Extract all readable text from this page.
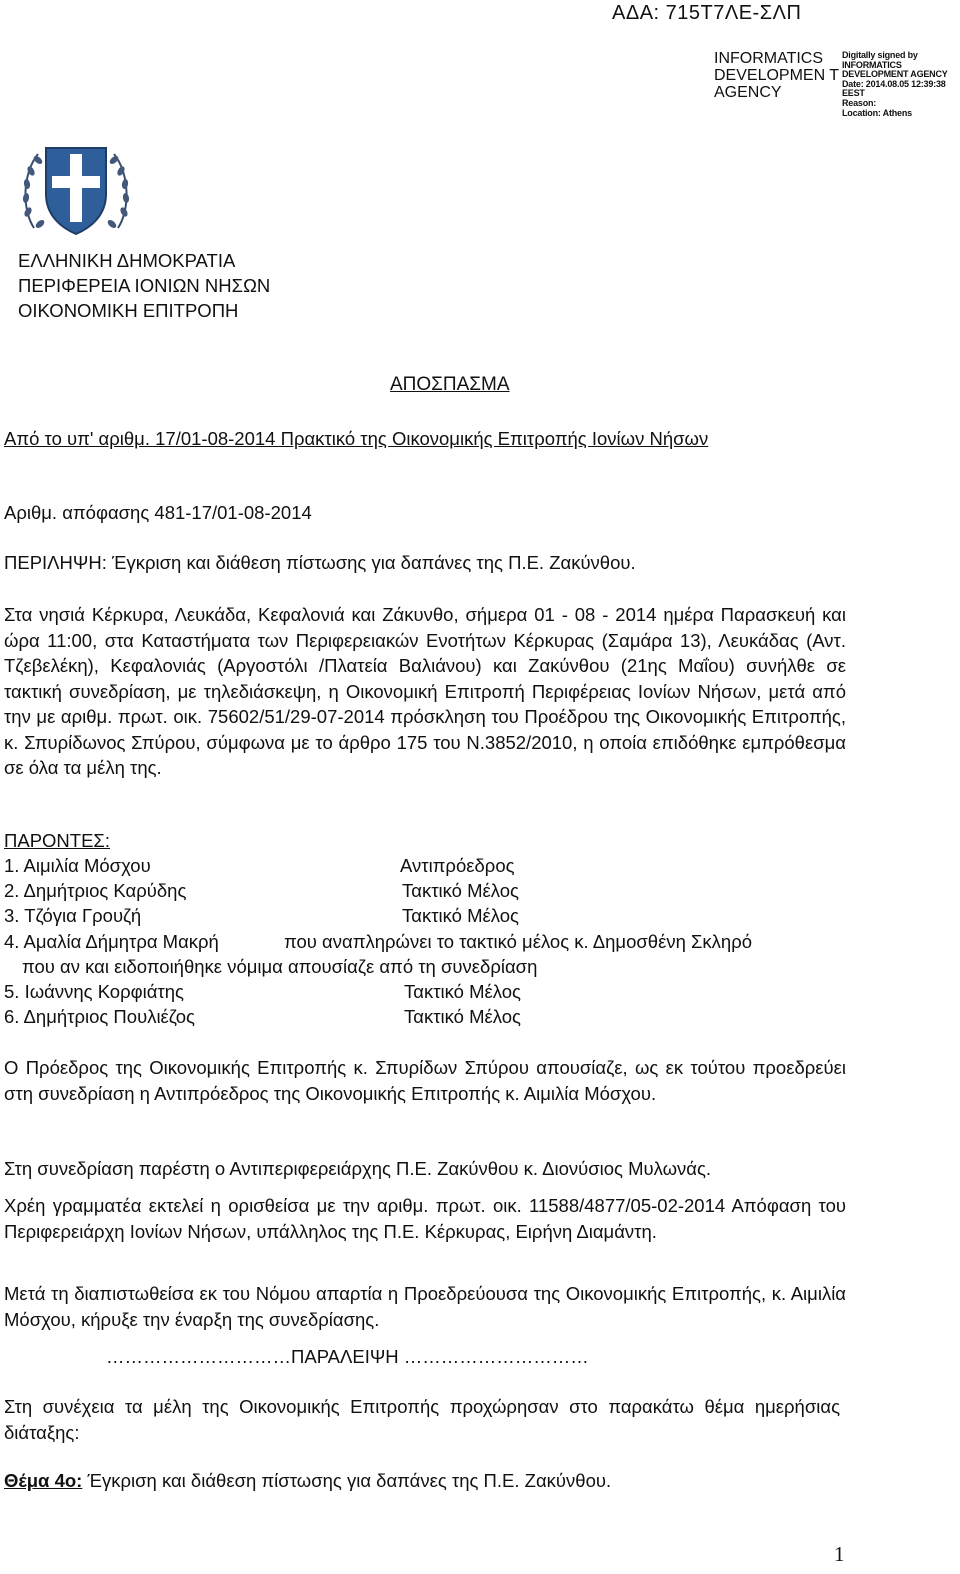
ΑΔΑ: 715Τ7ΛΕ-ΣΛΠ
INFORMATICS DEVELOPMEN T AGENCY
Digitally signed by
INFORMATICS
DEVELOPMENT AGENCY
Date: 2014.08.05 12:39:38
EEST
Reason:
Location: Athens
ΕΛΛΗΝΙΚΗ ΔΗΜΟΚΡΑΤΙΑ
ΠΕΡΙΦΕΡΕΙΑ ΙΟΝΙΩΝ ΝΗΣΩΝ
ΟΙΚΟΝΟΜΙΚΗ ΕΠΙΤΡΟΠΗ
ΑΠΟΣΠΑΣΜΑ
Από το υπ' αριθμ. 17/01-08-2014 Πρακτικό της Οικονομικής Επιτροπής Ιονίων Νήσων
Αριθμ. απόφασης 481-17/01-08-2014
ΠΕΡΙΛΗΨΗ: Έγκριση και διάθεση πίστωσης για δαπάνες της Π.Ε. Ζακύνθου.
Στα νησιά Κέρκυρα, Λευκάδα, Κεφαλονιά και Ζάκυνθο, σήμερα 01 - 08 - 2014 ημέρα Παρασκευή και ώρα 11:00, στα Καταστήματα των Περιφερειακών Ενοτήτων Κέρκυρας (Σαμάρα 13), Λευκάδας (Αντ. Τζεβελέκη), Κεφαλονιάς (Αργοστόλι /Πλατεία Βαλιάνου) και Ζακύνθου (21ης Μαΐου) συνήλθε σε τακτική συνεδρίαση, με τηλεδιάσκεψη, η Οικονομική Επιτροπή Περιφέρειας Ιονίων Νήσων, μετά από την με αριθμ. πρωτ. οικ. 75602/51/29-07-2014 πρόσκληση του Προέδρου της Οικονομικής Επιτροπής, κ. Σπυρίδωνος Σπύρου, σύμφωνα με το άρθρο 175 του Ν.3852/2010, η οποία επιδόθηκε εμπρόθεσμα σε όλα τα μέλη της.
ΠΑΡΟΝΤΕΣ:
1. Αιμιλία Μόσχου	Αντιπρόεδρος
2. Δημήτριος Καρύδης	Τακτικό Μέλος
3. Τζόγια Γρουζή	Τακτικό Μέλος
4. Αμαλία Δήμητρα Μακρή	που αναπληρώνει το τακτικό μέλος κ. Δημοσθένη Σκληρό
που αν και ειδοποιήθηκε νόμιμα απουσίαζε από τη συνεδρίαση
5. Ιωάννης Κορφιάτης	Τακτικό Μέλος
6. Δημήτριος Πουλιέζος	Τακτικό Μέλος
Ο Πρόεδρος της Οικονομικής Επιτροπής κ. Σπυρίδων Σπύρου απουσίαζε, ως εκ τούτου προεδρεύει στη συνεδρίαση η Αντιπρόεδρος της Οικονομικής Επιτροπής κ. Αιμιλία Μόσχου.
Στη συνεδρίαση παρέστη ο Αντιπεριφερειάρχης Π.Ε. Ζακύνθου κ. Διονύσιος Μυλωνάς.
Χρέη γραμματέα εκτελεί η ορισθείσα με την αριθμ. πρωτ. οικ. 11588/4877/05-02-2014 Απόφαση του Περιφερειάρχη Ιονίων Νήσων, υπάλληλος της Π.Ε. Κέρκυρας, Ειρήνη Διαμάντη.
Μετά τη διαπιστωθείσα εκ του Νόμου απαρτία η Προεδρεύουσα της Οικονομικής Επιτροπής, κ. Αιμιλία Μόσχου, κήρυξε την έναρξη της συνεδρίασης.
…………………………ΠΑΡΑΛΕΙΨΗ …………………………
Στη συνέχεια τα μέλη της Οικονομικής Επιτροπής προχώρησαν στο παρακάτω θέμα ημερήσιας διάταξης:
Θέμα 4ο: Έγκριση και διάθεση πίστωσης για δαπάνες της Π.Ε. Ζακύνθου.
1
